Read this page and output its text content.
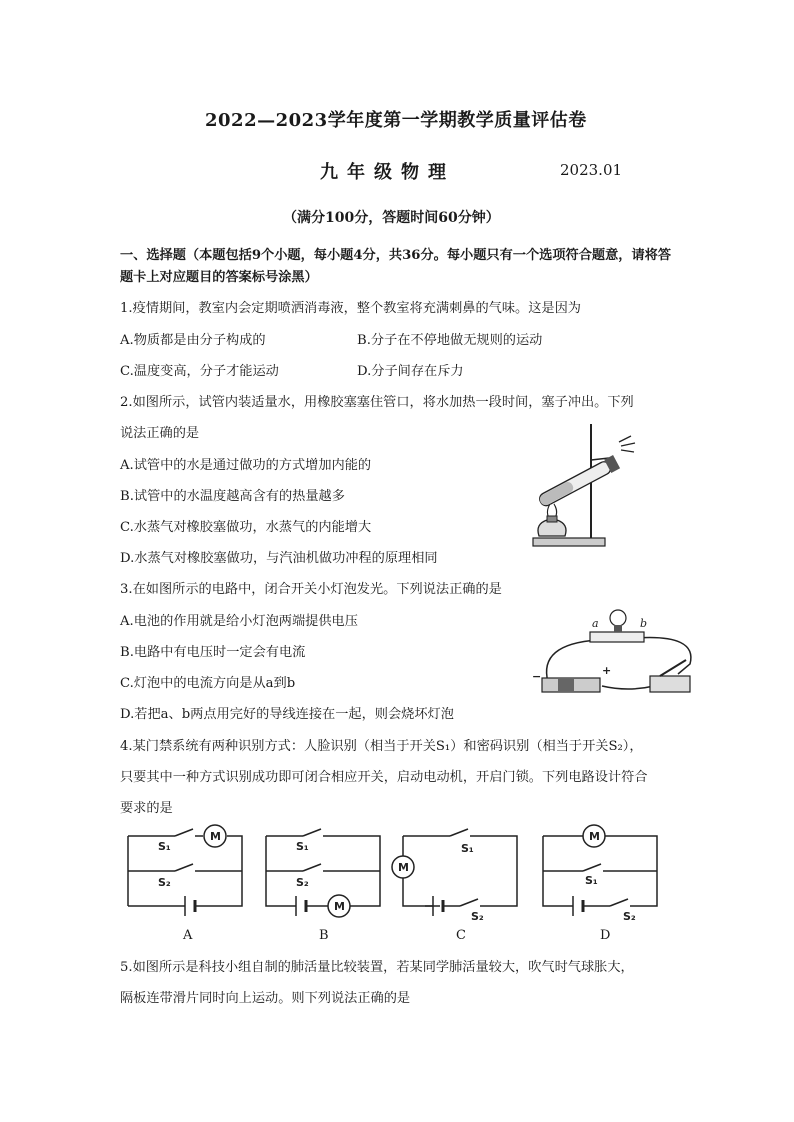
2022—2023学年度第一学期教学质量评估卷
九年级物理	2023.01
（满分100分，答题时间60分钟）
一、选择题（本题包括9个小题，每小题4分，共36分。每小题只有一个选项符合题意，请将答题卡上对应题目的答案标号涂黑）
1.疫情期间，教室内会定期喷洒消毒液，整个教室将充满刺鼻的气味。这是因为
A.物质都是由分子构成的	B.分子在不停地做无规则的运动
C.温度变高，分子才能运动	D.分子间存在斥力
2.如图所示，试管内装适量水，用橡胶塞塞住管口，将水加热一段时间，塞子冲出。下列
说法正确的是
A.试管中的水是通过做功的方式增加内能的
B.试管中的水温度越高含有的热量越多
C.水蒸气对橡胶塞做功，水蒸气的内能增大
D.水蒸气对橡胶塞做功，与汽油机做功冲程的原理相同
3.在如图所示的电路中，闭合开关小灯泡发光。下列说法正确的是
A.电池的作用就是给小灯泡两端提供电压
B.电路中有电压时一定会有电流
C.灯泡中的电流方向是从a到b
D.若把a、b两点用完好的导线连接在一起，则会烧坏灯泡
a	b
−	+
4.某门禁系统有两种识别方式：人脸识别（相当于开关S₁）和密码识别（相当于开关S₂），
只要其中一种方式识别成功即可闭合相应开关，启动电动机，开启门锁。下列电路设计符合
要求的是
M
S₁
S₂
S₁
S₂
M
S₁
M
S₂
M
S₁
S₂
A	B	C	D
5.如图所示是科技小组自制的肺活量比较装置，若某同学肺活量较大，吹气时气球胀大，
隔板连带滑片同时向上运动。则下列说法正确的是
